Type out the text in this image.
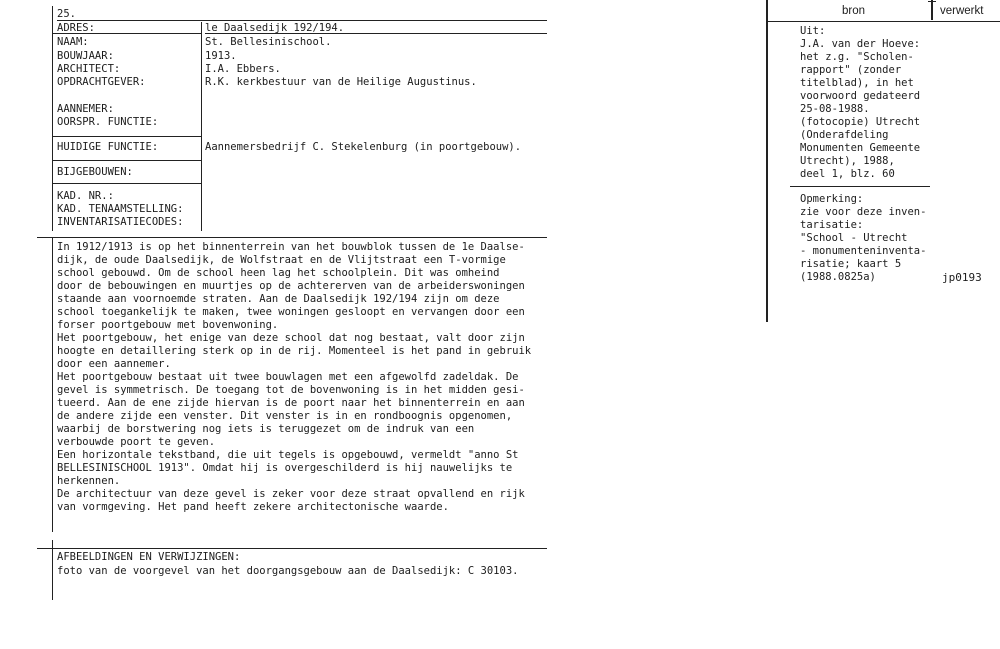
25.
ADRES:
NAAM:
BOUWJAAR:
ARCHITECT:
OPDRACHTGEVER:
AANNEMER:
OORSPR. FUNCTIE:
HUIDIGE FUNCTIE:
BIJGEBOUWEN:
KAD. NR.:
KAD. TENAAMSTELLING:
INVENTARISATIECODES:
le Daalsedijk 192/194.
St. Bellesinischool.
1913.
I.A. Ebbers.
R.K. kerkbestuur van de Heilige Augustinus.
Aannemersbedrijf C. Stekelenburg (in poortgebouw).
In 1912/1913 is op het binnenterrein van het bouwblok tussen de 1e Daalse-
dijk, de oude Daalsedijk, de Wolfstraat en de Vlijtstraat een T-vormige
school gebouwd. Om de school heen lag het schoolplein. Dit was omheind
door de bebouwingen en muurtjes op de achtererven van de arbeiderswoningen
staande aan voornoemde straten. Aan de Daalsedijk 192/194 zijn om deze
school toegankelijk te maken, twee woningen gesloopt en vervangen door een
forser poortgebouw met bovenwoning.
Het poortgebouw, het enige van deze school dat nog bestaat, valt door zijn
hoogte en detaillering sterk op in de rij. Momenteel is het pand in gebruik
door een aannemer.
Het poortgebouw bestaat uit twee bouwlagen met een afgewolfd zadeldak. De
gevel is symmetrisch. De toegang tot de bovenwoning is in het midden gesi-
tueerd. Aan de ene zijde hiervan is de poort naar het binnenterrein en aan
de andere zijde een venster. Dit venster is in en rondboognis opgenomen,
waarbij de borstwering nog iets is teruggezet om de indruk van een
verbouwde poort te geven.
Een horizontale tekstband, die uit tegels is opgebouwd, vermeldt "anno St
BELLESINISCHOOL 1913". Omdat hij is overgeschilderd is hij nauwelijks te
herkennen.
De architectuur van deze gevel is zeker voor deze straat opvallend en rijk
van vormgeving. Het pand heeft zekere architectonische waarde.
AFBEELDINGEN EN VERWIJZINGEN:
foto van de voorgevel van het doorgangsgebouw aan de Daalsedijk: C 30103.
bron	verwerkt
Uit:
J.A. van der Hoeve:
het z.g. "Scholen-
rapport" (zonder
titelblad), in het
voorwoord gedateerd
25-08-1988.
(fotocopie) Utrecht
(Onderafdeling
Monumenten Gemeente
Utrecht), 1988,
deel 1, blz. 60
Opmerking:
zie voor deze inven-
tarisatie:
"School - Utrecht
- monumenteninventa-
risatie; kaart 5
(1988.0825a)	jp0193
